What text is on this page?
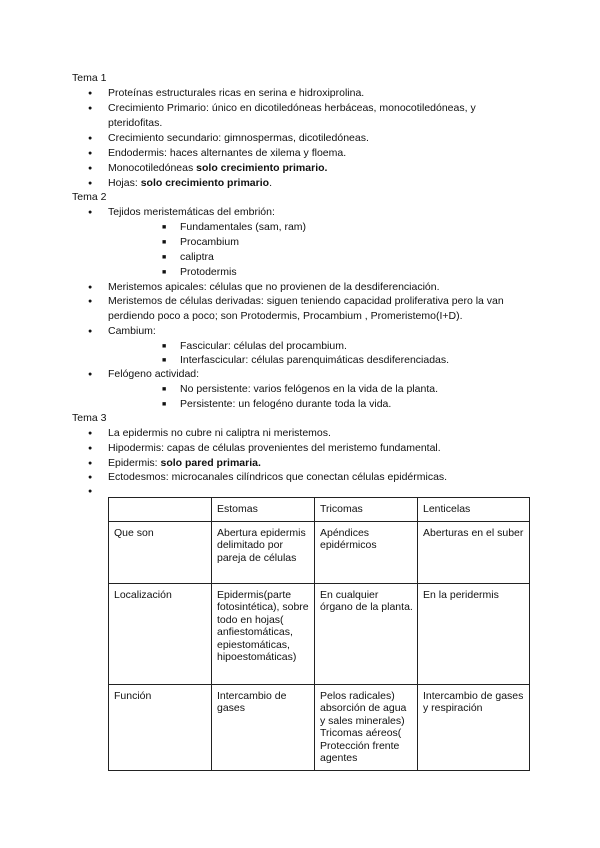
Tema 1
● Proteínas estructurales ricas en serina e hidroxiprolina.
● Crecimiento Primario: único en dicotiledóneas herbáceas, monocotiledóneas, y pteridofitas.
● Crecimiento secundario: gimnospermas, dicotiledóneas.
● Endodermis: haces alternantes de xilema y floema.
● Monocotiledóneas solo crecimiento primario.
● Hojas: solo crecimiento primario.
Tema 2
● Tejidos meristemáticas del embrión:
■ Fundamentales (sam, ram)
■ Procambium
■ caliptra
■ Protodermis
● Meristemos apicales: células que no provienen de la desdiferenciación.
● Meristemos de células derivadas: siguen teniendo capacidad proliferativa pero la van perdiendo poco a poco; son Protodermis, Procambium , Promeristemo(I+D).
● Cambium:
■ Fascicular: células del procambium.
■ Interfascicular: células parenquimáticas desdiferenciadas.
● Felógeno actividad:
■ No persistente: varios felógenos en la vida de la planta.
■ Persistente: un felogéno durante toda la vida.
Tema 3
● La epidermis no cubre ni caliptra ni meristemos.
● Hipodermis: capas de células provenientes del meristemo fundamental.
● Epidermis: solo pared primaria.
● Ectodesmos: microcanales cilíndricos que conectan células epidérmicas.
	Estomas	Tricomas	Lenticelas
Que son	Abertura epidermis delimitado por pareja de células	Apéndices epidérmicos	Aberturas en el suber
Localización	Epidermis(parte fotosintética), sobre todo en hojas( anfiestomáticas, epiestomáticas, hipoestomáticas)	En cualquier órgano de la planta.	En la peridermis
Función	Intercambio de gases	Pelos radicales) absorción de agua y sales minerales) Tricomas aéreos( Protección frente agentes	Intercambio de gases y respiración
